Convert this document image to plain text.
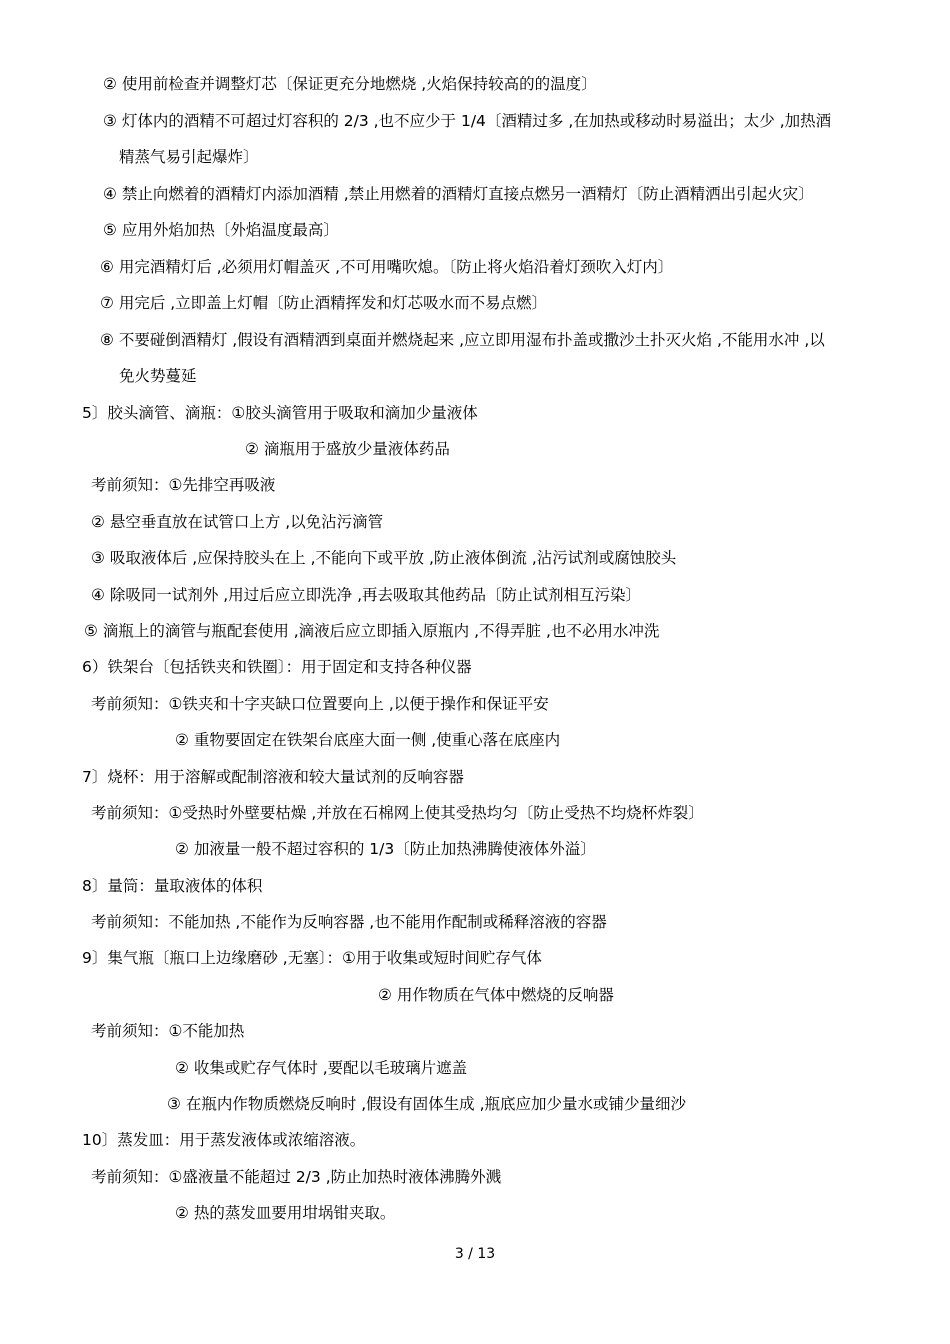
② 使用前检查并调整灯芯〔保证更充分地燃烧 ,火焰保持较高的的温度〕
③ 灯体内的酒精不可超过灯容积的 2/3 ,也不应少于 1/4〔酒精过多 ,在加热或移动时易溢出；太少 ,加热酒
精蒸气易引起爆炸〕
④ 禁止向燃着的酒精灯内添加酒精 ,禁止用燃着的酒精灯直接点燃另一酒精灯〔防止酒精洒出引起火灾〕
⑤ 应用外焰加热〔外焰温度最高〕
⑥ 用完酒精灯后 ,必须用灯帽盖灭 ,不可用嘴吹熄。〔防止将火焰沿着灯颈吹入灯内〕
⑦ 用完后 ,立即盖上灯帽〔防止酒精挥发和灯芯吸水而不易点燃〕
⑧ 不要碰倒酒精灯 ,假设有酒精洒到桌面并燃烧起来 ,应立即用湿布扑盖或撒沙土扑灭火焰 ,不能用水冲 ,以
免火势蔓延
5〕胶头滴管、滴瓶：①胶头滴管用于吸取和滴加少量液体
② 滴瓶用于盛放少量液体药品
考前须知：①先排空再吸液
② 悬空垂直放在试管口上方 ,以免沾污滴管
③ 吸取液体后 ,应保持胶头在上 ,不能向下或平放 ,防止液体倒流 ,沾污试剂或腐蚀胶头
④ 除吸同一试剂外 ,用过后应立即洗净 ,再去吸取其他药品〔防止试剂相互污染〕
⑤ 滴瓶上的滴管与瓶配套使用 ,滴液后应立即插入原瓶内 ,不得弄脏 ,也不必用水冲洗
6）铁架台〔包括铁夹和铁圈〕：用于固定和支持各种仪器
考前须知：①铁夹和十字夹缺口位置要向上 ,以便于操作和保证平安
② 重物要固定在铁架台底座大面一侧 ,使重心落在底座内
7〕烧杯：用于溶解或配制溶液和较大量试剂的反响容器
考前须知：①受热时外壁要枯燥 ,并放在石棉网上使其受热均匀〔防止受热不均烧杯炸裂〕
② 加液量一般不超过容积的 1/3〔防止加热沸腾使液体外溢〕
8〕量筒：量取液体的体积
考前须知：不能加热 ,不能作为反响容器 ,也不能用作配制或稀释溶液的容器
9〕集气瓶〔瓶口上边缘磨砂 ,无塞〕：①用于收集或短时间贮存气体
② 用作物质在气体中燃烧的反响器
考前须知：①不能加热
② 收集或贮存气体时 ,要配以毛玻璃片遮盖
③ 在瓶内作物质燃烧反响时 ,假设有固体生成 ,瓶底应加少量水或铺少量细沙
10〕蒸发皿：用于蒸发液体或浓缩溶液。
考前须知：①盛液量不能超过 2/3 ,防止加热时液体沸腾外溅
② 热的蒸发皿要用坩埚钳夹取。
3 / 13
